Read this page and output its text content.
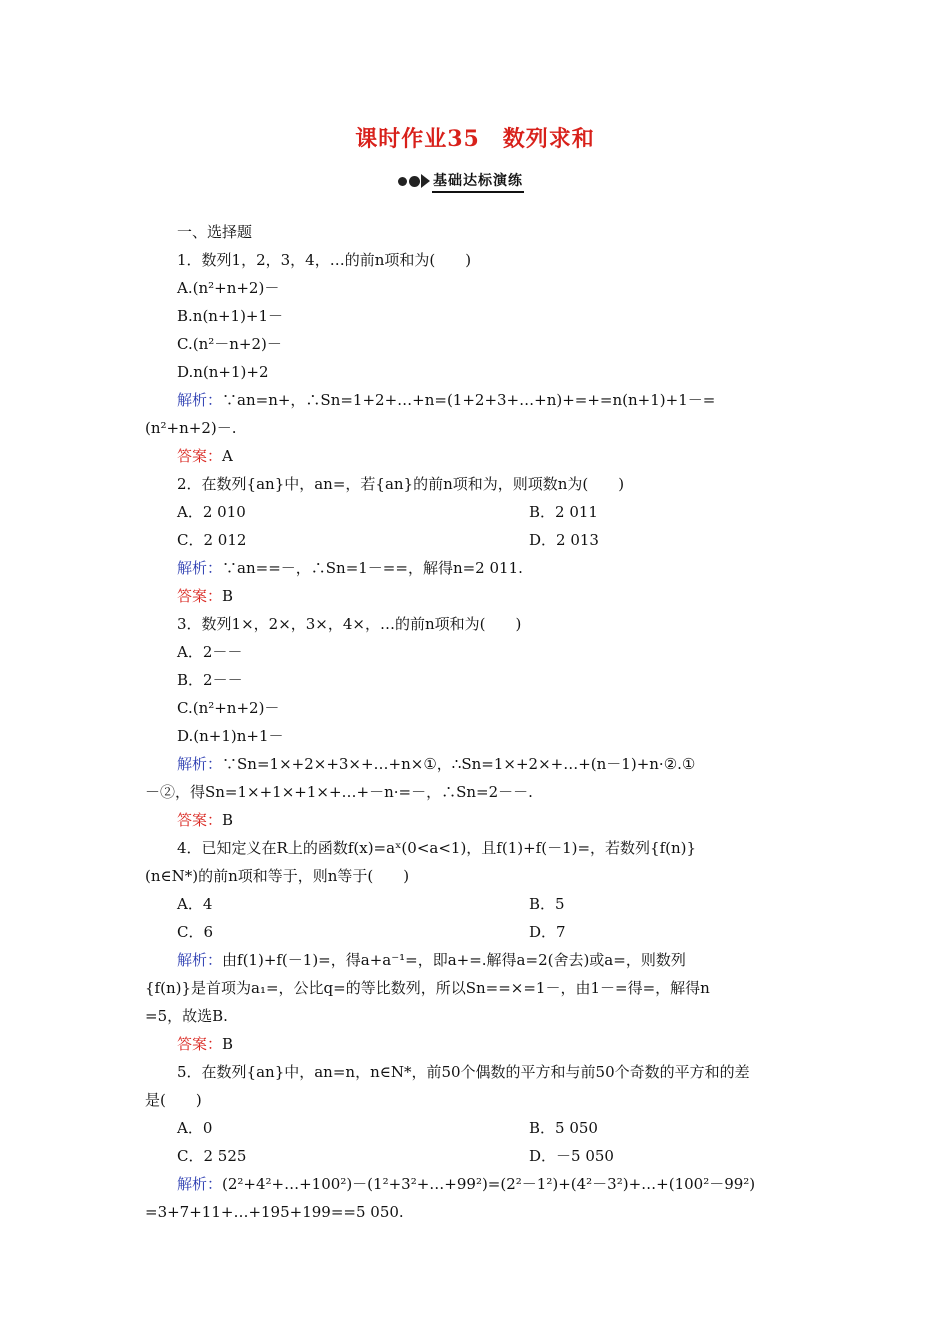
课时作业35　数列求和
基础达标演练
一、选择题
1．数列1，2，3，4，…的前n项和为(　　)
A.(n²+n+2)－
B.n(n+1)+1－
C.(n²－n+2)－
D.n(n+1)+2
解析：∵an=n+，∴Sn=1+2+…+n=(1+2+3+…+n)+=+=n(n+1)+1－=
(n²+n+2)－.
答案：A
2．在数列{an}中，an=，若{an}的前n项和为，则项数n为(　　)
A．2 010	B．2 011
C．2 012	D．2 013
解析：∵an==－，∴Sn=1－==，解得n=2 011.
答案：B
3．数列1×，2×，3×，4×，…的前n项和为(　　)
A．2－－
B．2－－
C.(n²+n+2)－
D.(n+1)n+1－
解析：∵Sn=1×+2×+3×+…+n×①，∴Sn=1×+2×+…+(n－1)+n·②.①
－②，得Sn=1×+1×+1×+…+－n·=－，∴Sn=2－－.
答案：B
4．已知定义在R上的函数f(x)=aˣ(0<a<1)，且f(1)+f(－1)=，若数列{f(n)}
(n∈N*)的前n项和等于，则n等于(　　)
A．4	B．5
C．6	D．7
解析：由f(1)+f(－1)=，得a+a⁻¹=，即a+=.解得a=2(舍去)或a=，则数列
{f(n)}是首项为a₁=，公比q=的等比数列，所以Sn==×=1－，由1－=得=，解得n
=5，故选B.
答案：B
5．在数列{an}中，an=n，n∈N*，前50个偶数的平方和与前50个奇数的平方和的差
是(　　)
A．0	B．5 050
C．2 525	D．－5 050
解析：(2²+4²+…+100²)－(1²+3²+…+99²)=(2²－1²)+(4²－3²)+…+(100²－99²)
=3+7+11+…+195+199==5 050.
